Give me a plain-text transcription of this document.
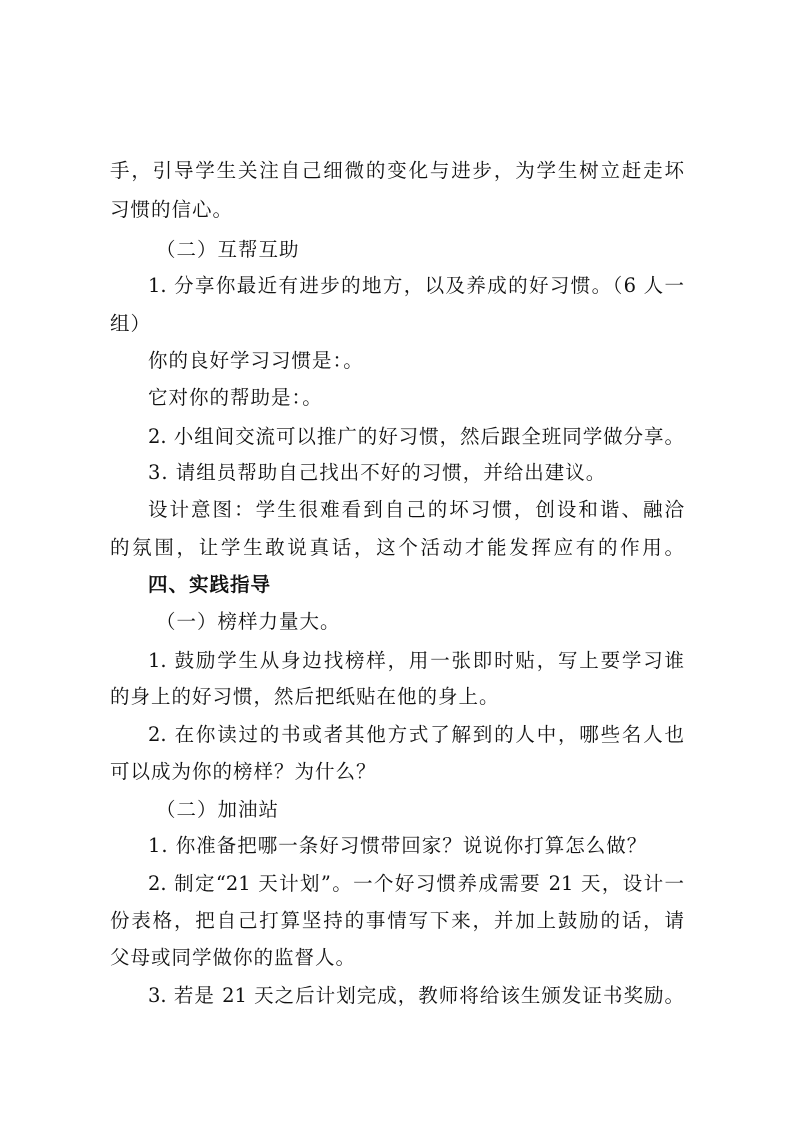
手，引导学生关注自己细微的变化与进步，为学生树立赶走坏
习惯的信心。
（二）互帮互助
1. 分享你最近有进步的地方，以及养成的好习惯。（6 人一
组）
你的良好学习习惯是：。
它对你的帮助是：。
2. 小组间交流可以推广的好习惯，然后跟全班同学做分享。
3. 请组员帮助自己找出不好的习惯，并给出建议。
设计意图：学生很难看到自己的坏习惯，创设和谐、融洽
的氛围，让学生敢说真话，这个活动才能发挥应有的作用。
四、实践指导
（一）榜样力量大。
1. 鼓励学生从身边找榜样，用一张即时贴，写上要学习谁
的身上的好习惯，然后把纸贴在他的身上。
2. 在你读过的书或者其他方式了解到的人中，哪些名人也
可以成为你的榜样？为什么？
（二）加油站
1. 你准备把哪一条好习惯带回家？说说你打算怎么做？
2. 制定“21 天计划”。一个好习惯养成需要 21 天，设计一
份表格，把自己打算坚持的事情写下来，并加上鼓励的话，请
父母或同学做你的监督人。
3. 若是 21 天之后计划完成，教师将给该生颁发证书奖励。
